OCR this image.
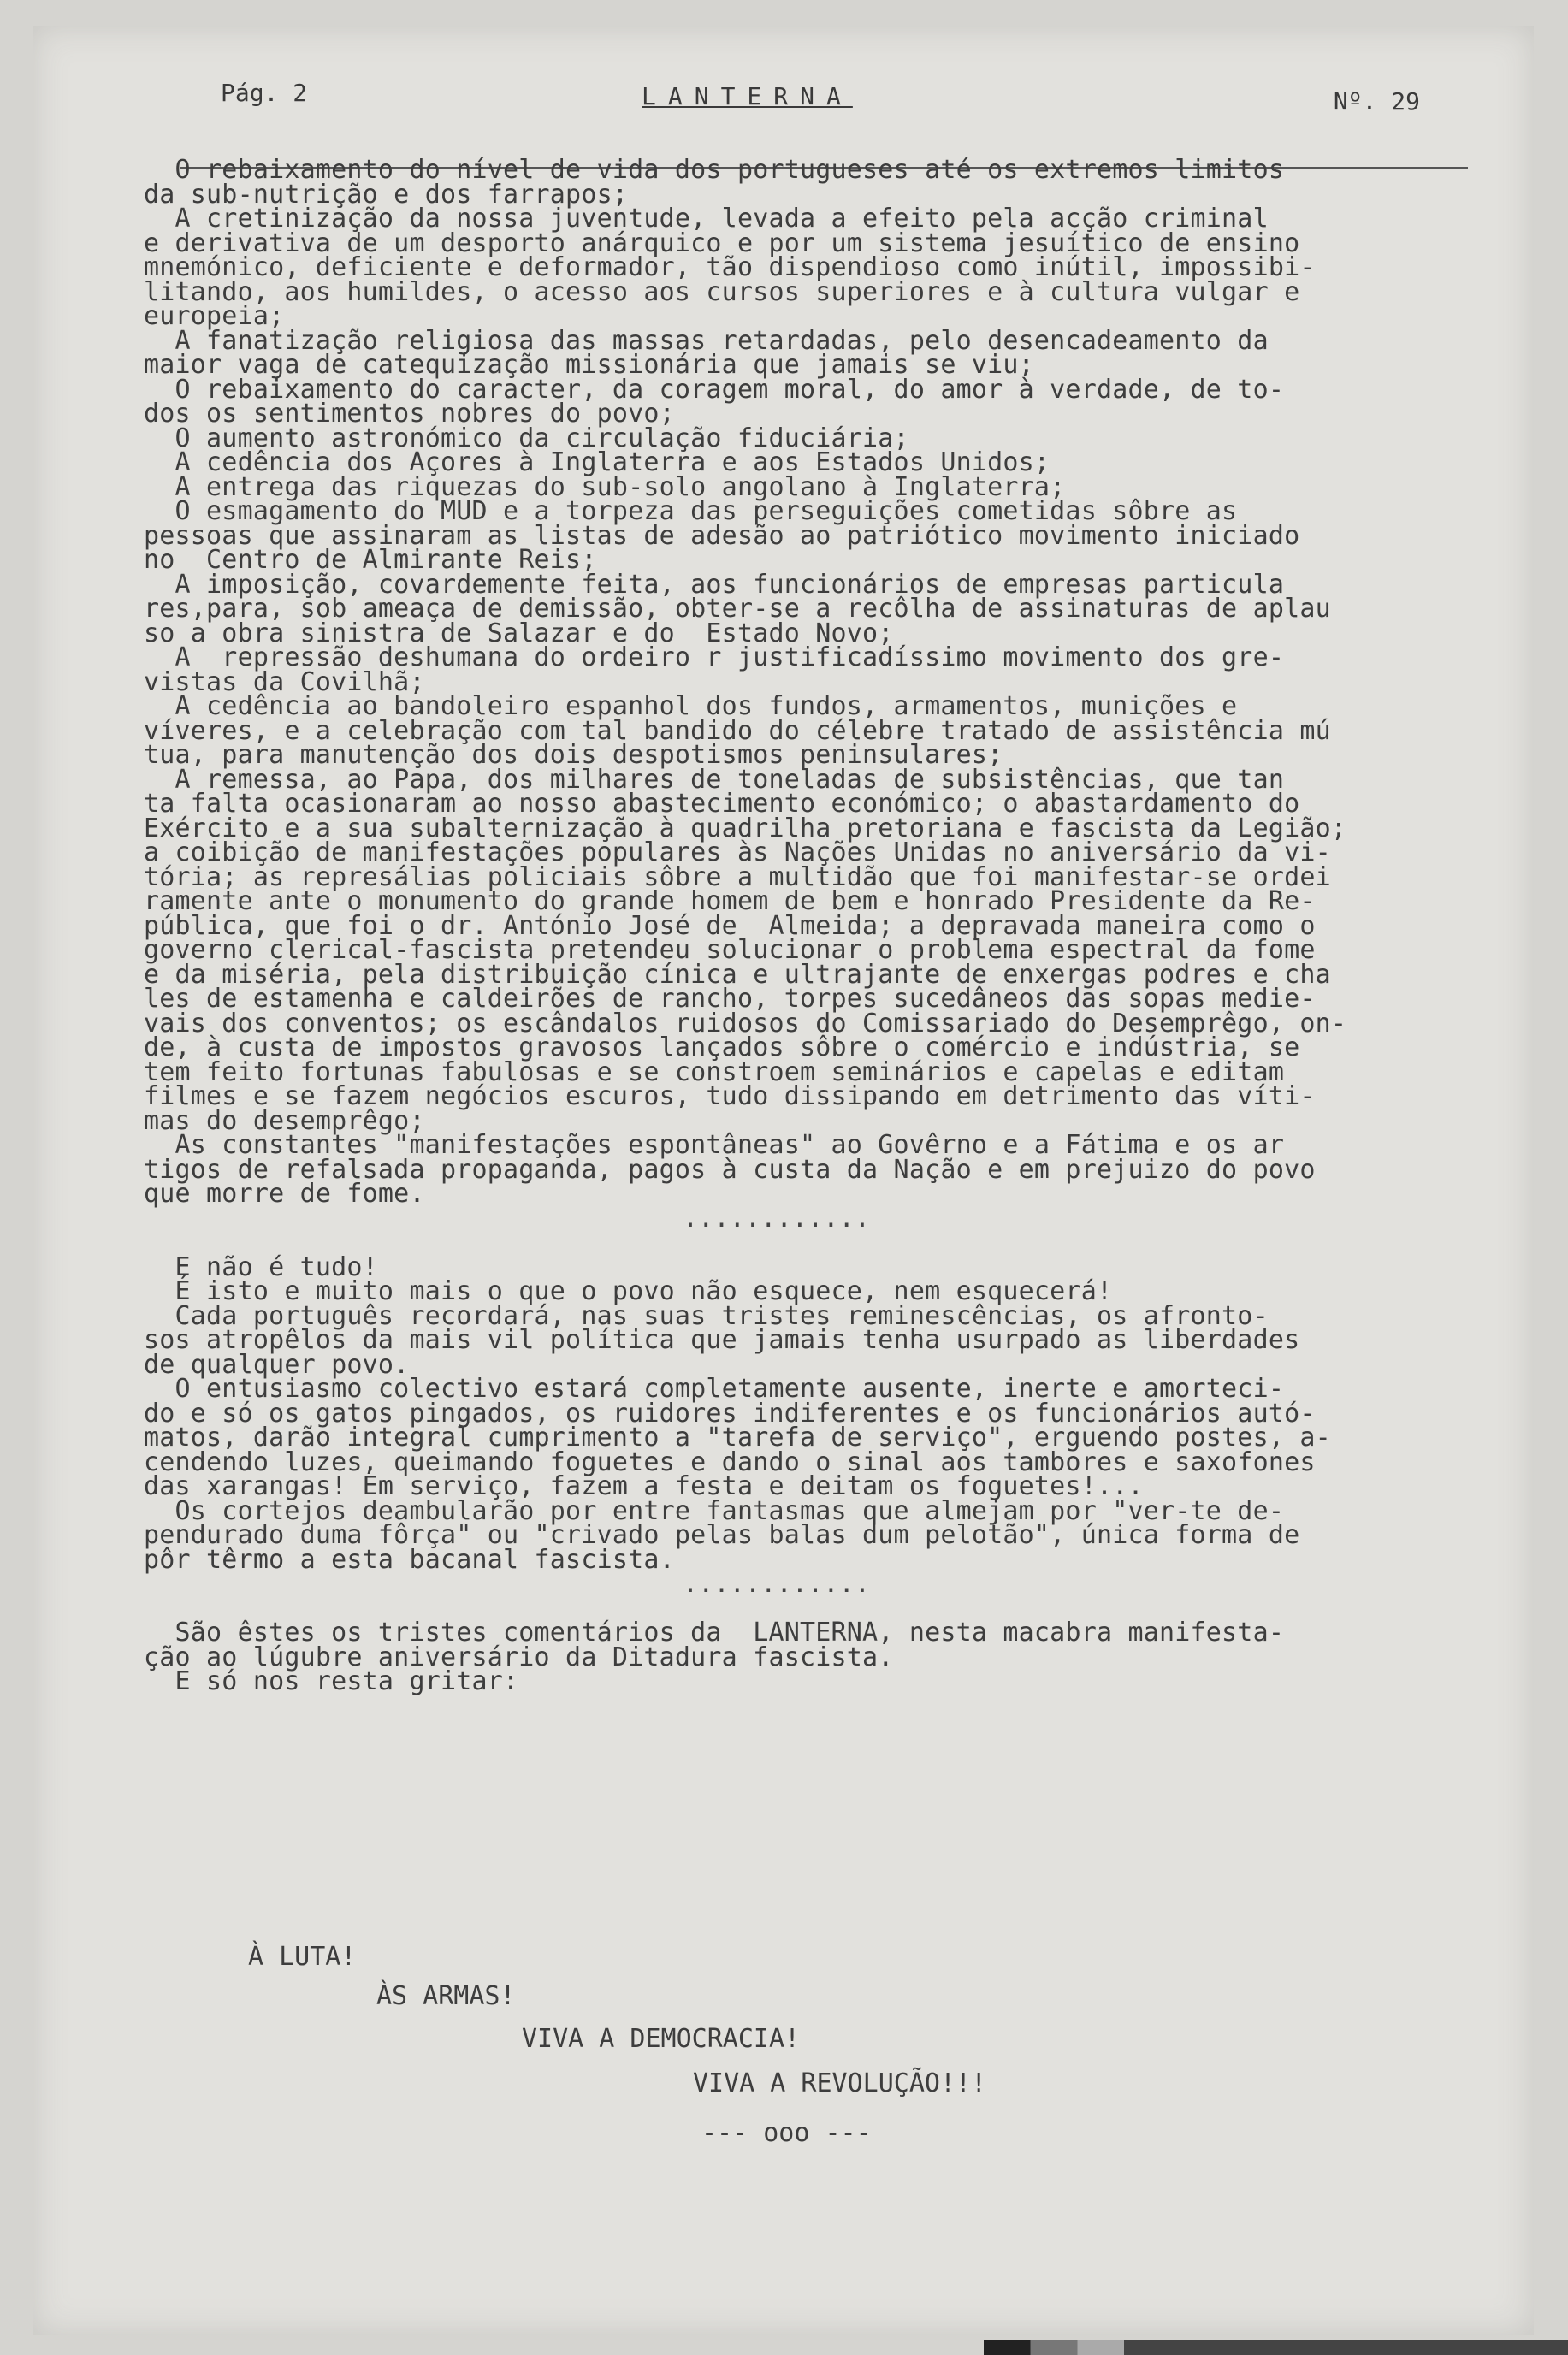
Pág. 2	LANTERNA	Nº. 29
O rebaixamento do nível de vida dos portugueses até os extremos limitos
da sub-nutrição e dos farrapos;
A cretinização da nossa juventude, levada a efeito pela acção criminal
e derivativa de um desporto anárquico e por um sistema jesuítico de ensino
mnemónico, deficiente e deformador, tão dispendioso como inútil, impossibi-
litando, aos humildes, o acesso aos cursos superiores e à cultura vulgar e
europeia;
A fanatização religiosa das massas retardadas, pelo desencadeamento da
maior vaga de catequização missionária que jamais se viu;
O rebaixamento do caracter, da coragem moral, do amor à verdade, de to-
dos os sentimentos nobres do povo;
O aumento astronómico da circulação fiduciária;
A cedência dos Açores à Inglaterra e aos Estados Unidos;
A entrega das riquezas do sub-solo angolano à Inglaterra;
O esmagamento do MUD e a torpeza das perseguições cometidas sôbre as
pessoas que assinaram as listas de adesão ao patriótico movimento iniciado
no  Centro de Almirante Reis;
A imposição, covardemente feita, aos funcionários de empresas particula
res,para, sob ameaça de demissão, obter-se a recôlha de assinaturas de aplau
so a obra sinistra de Salazar e do  Estado Novo;
A  repressão deshumana do ordeiro r justificadíssimo movimento dos gre-
vistas da Covilhã;
A cedência ao bandoleiro espanhol dos fundos, armamentos, munições e
víveres, e a celebração com tal bandido do célebre tratado de assistência mú
tua, para manutenção dos dois despotismos peninsulares;
A remessa, ao Papa, dos milhares de toneladas de subsistências, que tan
ta falta ocasionaram ao nosso abastecimento económico; o abastardamento do
Exército e a sua subalternização à quadrilha pretoriana e fascista da Legião;
a coibição de manifestações populares às Nações Unidas no aniversário da vi-
tória; as represálias policiais sôbre a multidão que foi manifestar-se ordei
ramente ante o monumento do grande homem de bem e honrado Presidente da Re-
pública, que foi o dr. António José de  Almeida; a depravada maneira como o
governo clerical-fascista pretendeu solucionar o problema espectral da fome
e da miséria, pela distribuição cínica e ultrajante de enxergas podres e cha
les de estamenha e caldeirões de rancho, torpes sucedâneos das sopas medie-
vais dos conventos; os escândalos ruidosos do Comissariado do Desemprêgo, on-
de, à custa de impostos gravosos lançados sôbre o comércio e indústria, se
tem feito fortunas fabulosas e se constroem seminários e capelas e editam
filmes e se fazem negócios escuros, tudo dissipando em detrimento das víti-
mas do desemprêgo;
As constantes "manifestações espontâneas" ao Govêrno e a Fátima e os ar
tigos de refalsada propaganda, pagos à custa da Nação e em prejuizo do povo
que morre de fome.
............
E não é tudo!
É isto e muito mais o que o povo não esquece, nem esquecerá!
Cada português recordará, nas suas tristes reminescências, os afronto-
sos atropêlos da mais vil política que jamais tenha usurpado as liberdades
de qualquer povo.
O entusiasmo colectivo estará completamente ausente, inerte e amorteci-
do e só os gatos pingados, os ruidores indiferentes e os funcionários autó-
matos, darão integral cumprimento a "tarefa de serviço", erguendo postes, a-
cendendo luzes, queimando foguetes e dando o sinal aos tambores e saxofones
das xarangas! Em serviço, fazem a festa e deitam os foguetes!...
Os cortejos deambularão por entre fantasmas que almejam por "ver-te de-
pendurado duma fôrça" ou "crivado pelas balas dum pelotão", única forma de
pôr têrmo a esta bacanal fascista.
............
São êstes os tristes comentários da  LANTERNA, nesta macabra manifesta-
ção ao lúgubre aniversário da Ditadura fascista.
E só nos resta gritar:
À LUTA!
ÀS ARMAS!
VIVA A DEMOCRACIA!
VIVA A REVOLUÇÃO!!!
--- ooo ---
